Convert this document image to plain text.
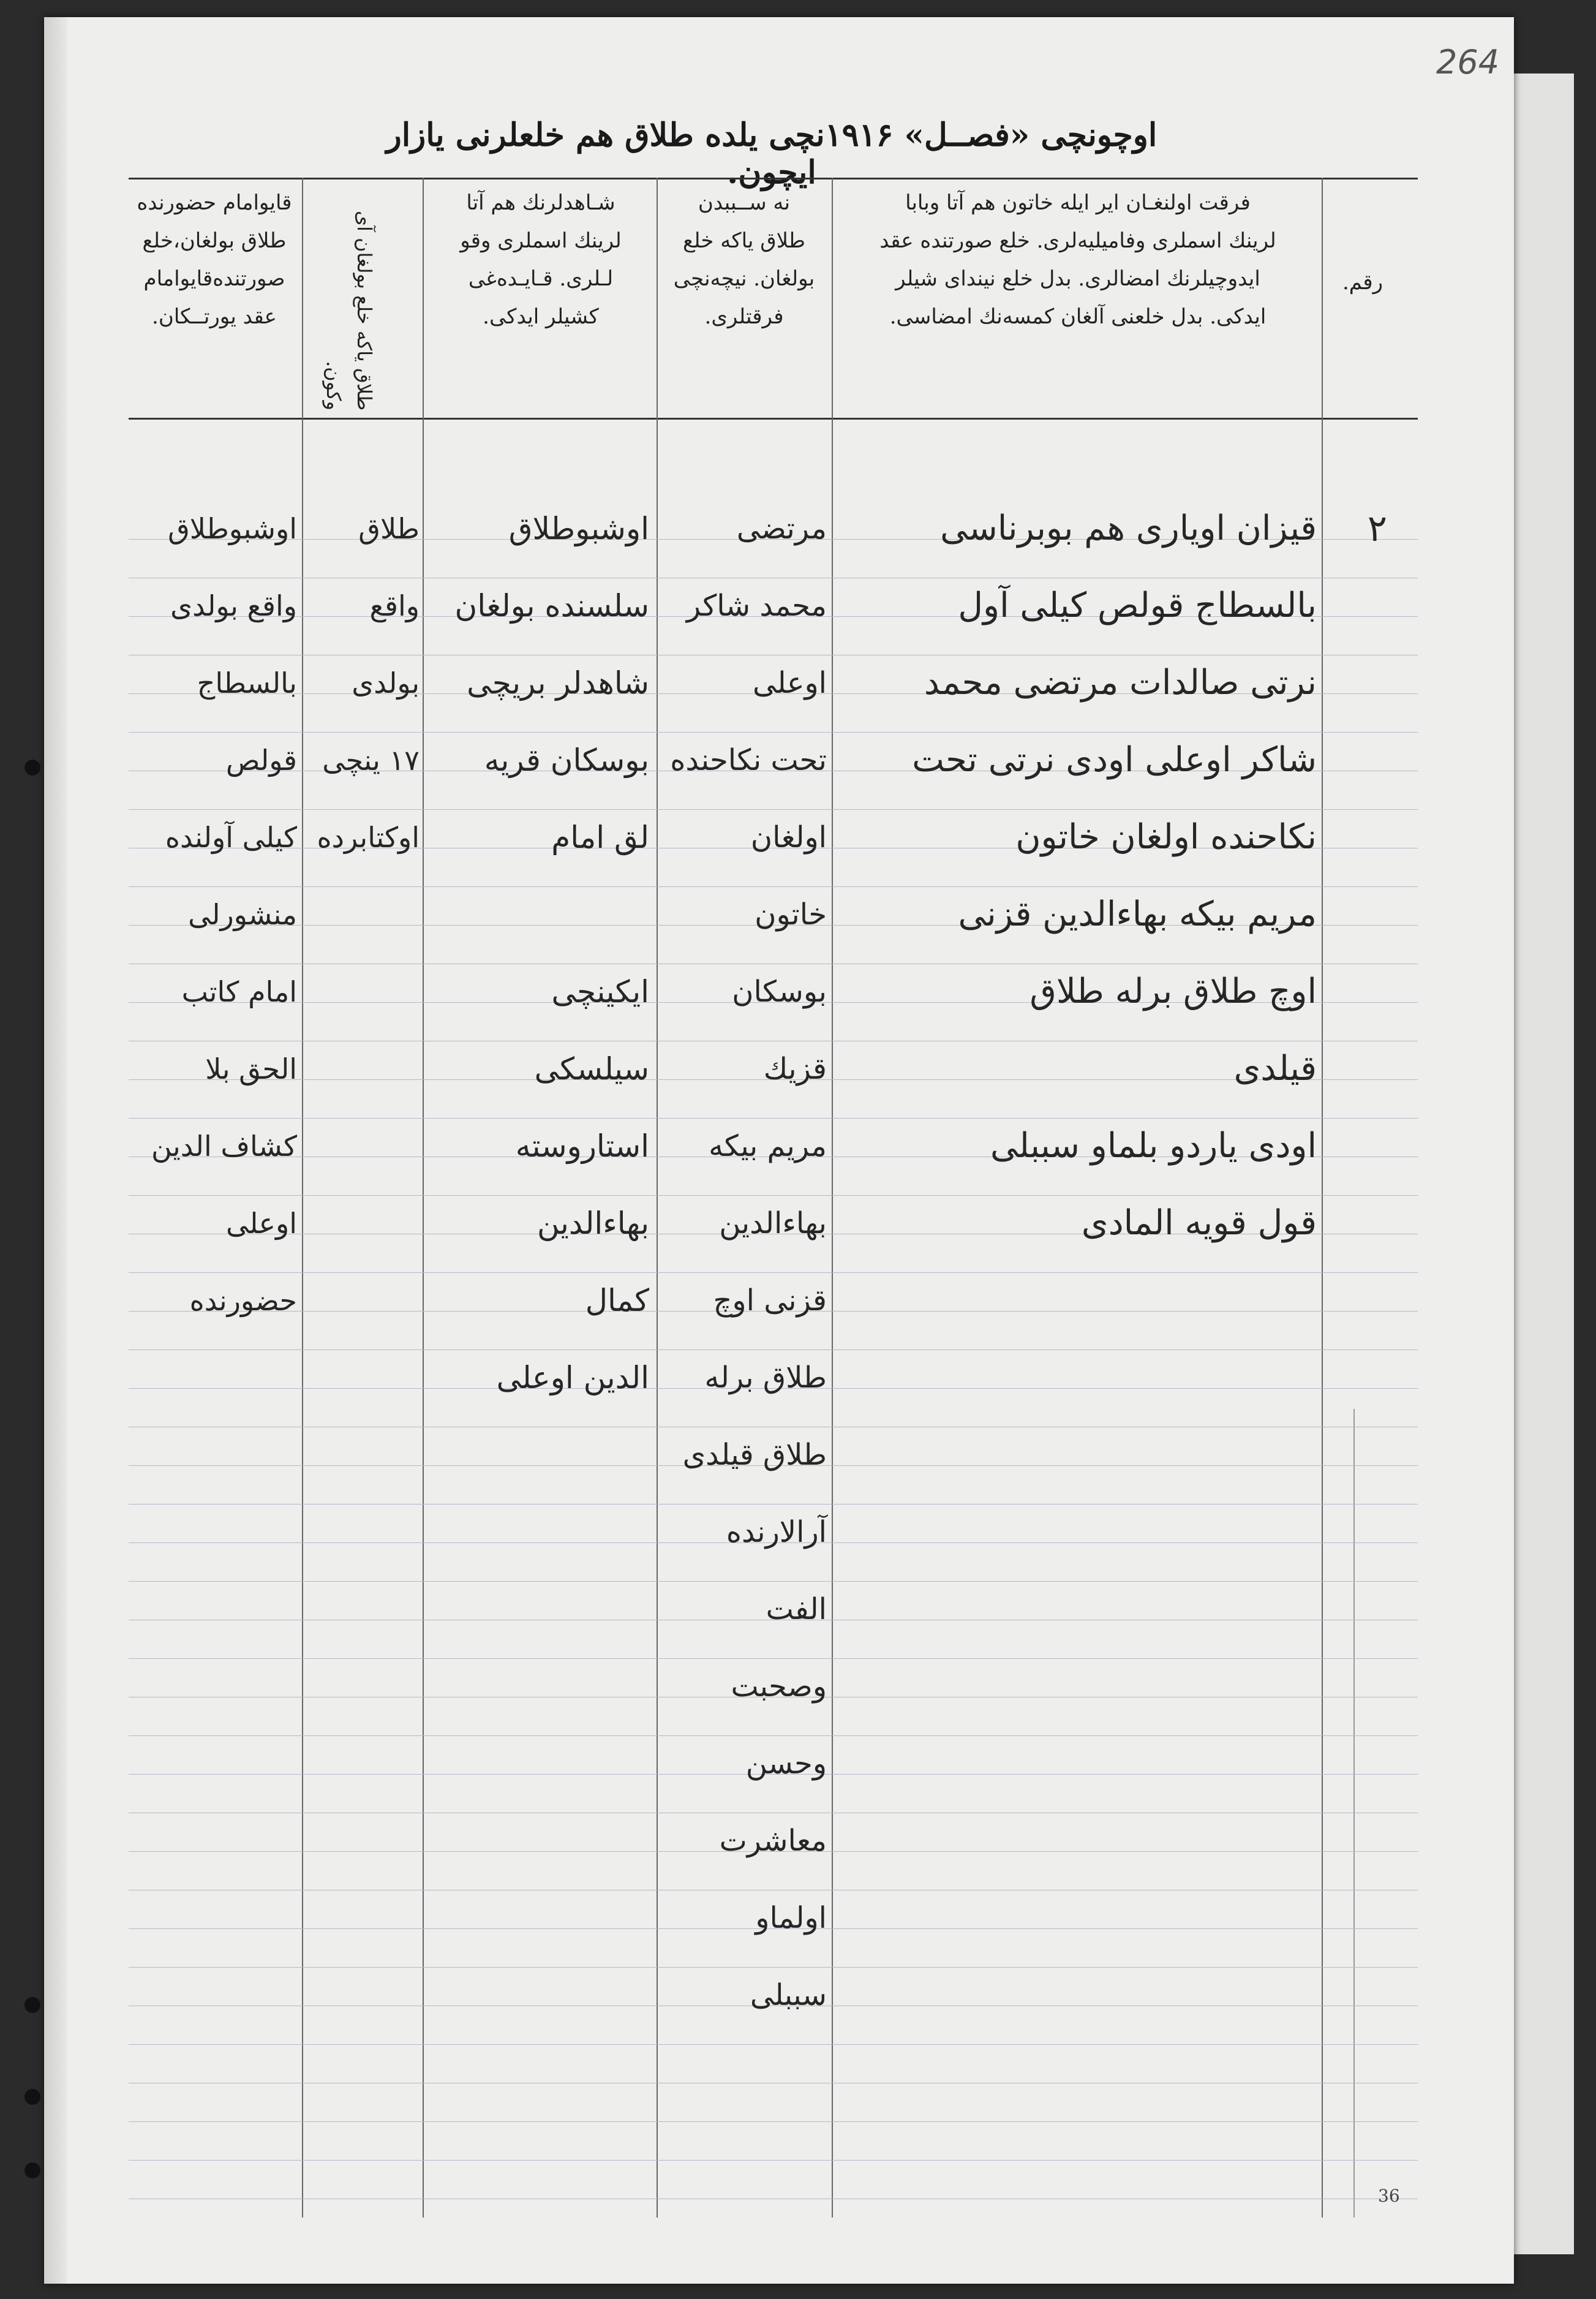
264
اوچونچی «فصــل» ۱۹۱۶نچی یلده طلاق هم خلعلرنی یازار ایچون.
رقم.
فرقت اولنغـان ایر ایله خاتون هم آتا وبابا
لرینك اسملری وفامیلیه‌لری. خلع صورتنده عقد
ایدوچیلرنك امضالری. بدل خلع نیندای شیلر
ایدکی. بدل خلعنی آلغان کمسه‌نك امضاسی.
نه ســببدن
طلاق یاکه خلع
بولغان. نیچه‌نچی
فرقتلری.
شـاهدلرنك هم آتا
لرینك اسملری وقو
لـلری. قـایـده‌غی
کشیلر ایدکی.
طلاق یاکه خلع بولغان آی وکون.
قایوامام حضورنده
طلاق بولغان،خلع
صورتنده‌قایوامام
عقد یورتــکان.
۲
قیزان اویاری هم بوبرناسی
بالسطاج قولص کیلی آول
نرتی صالدات مرتضی محمد
شاکر اوعلی اودی نرتی تحت
نکاحنده اولغان خاتون
مریم بیکه بهاءالدین قزنی
اوچ طلاق برله طلاق
قیلدی
اودی یاردو بلماو سببلی
قول قویه المادی
مرتضی
محمد شاکر
اوعلی
تحت نکاحنده
اولغان
خاتون
بوسکان
قزیك
مریم بیکه
بهاءالدین
قزنی اوچ
طلاق برله
طلاق قیلدی
آرالارنده
الفت وصحبت
وحسن
معاشرت
اولماو
سببلی
اوشبوطلاق
سلسنده بولغان
شاهدلر بریچی
بوسکان قریه
لق امام

ایکینچی سیلسکی
استاروسته
بهاءالدین
کمال
الدین اوعلی
طلاق
واقع
بولدی
۱۷ ینچی
اوکتابرده
اوشبوطلاق
واقع بولدی
بالسطاج قولص
کیلی آولنده
منشورلی
امام کاتب
الحق بلا
کشاف الدین
اوعلی
حضورنده
36
